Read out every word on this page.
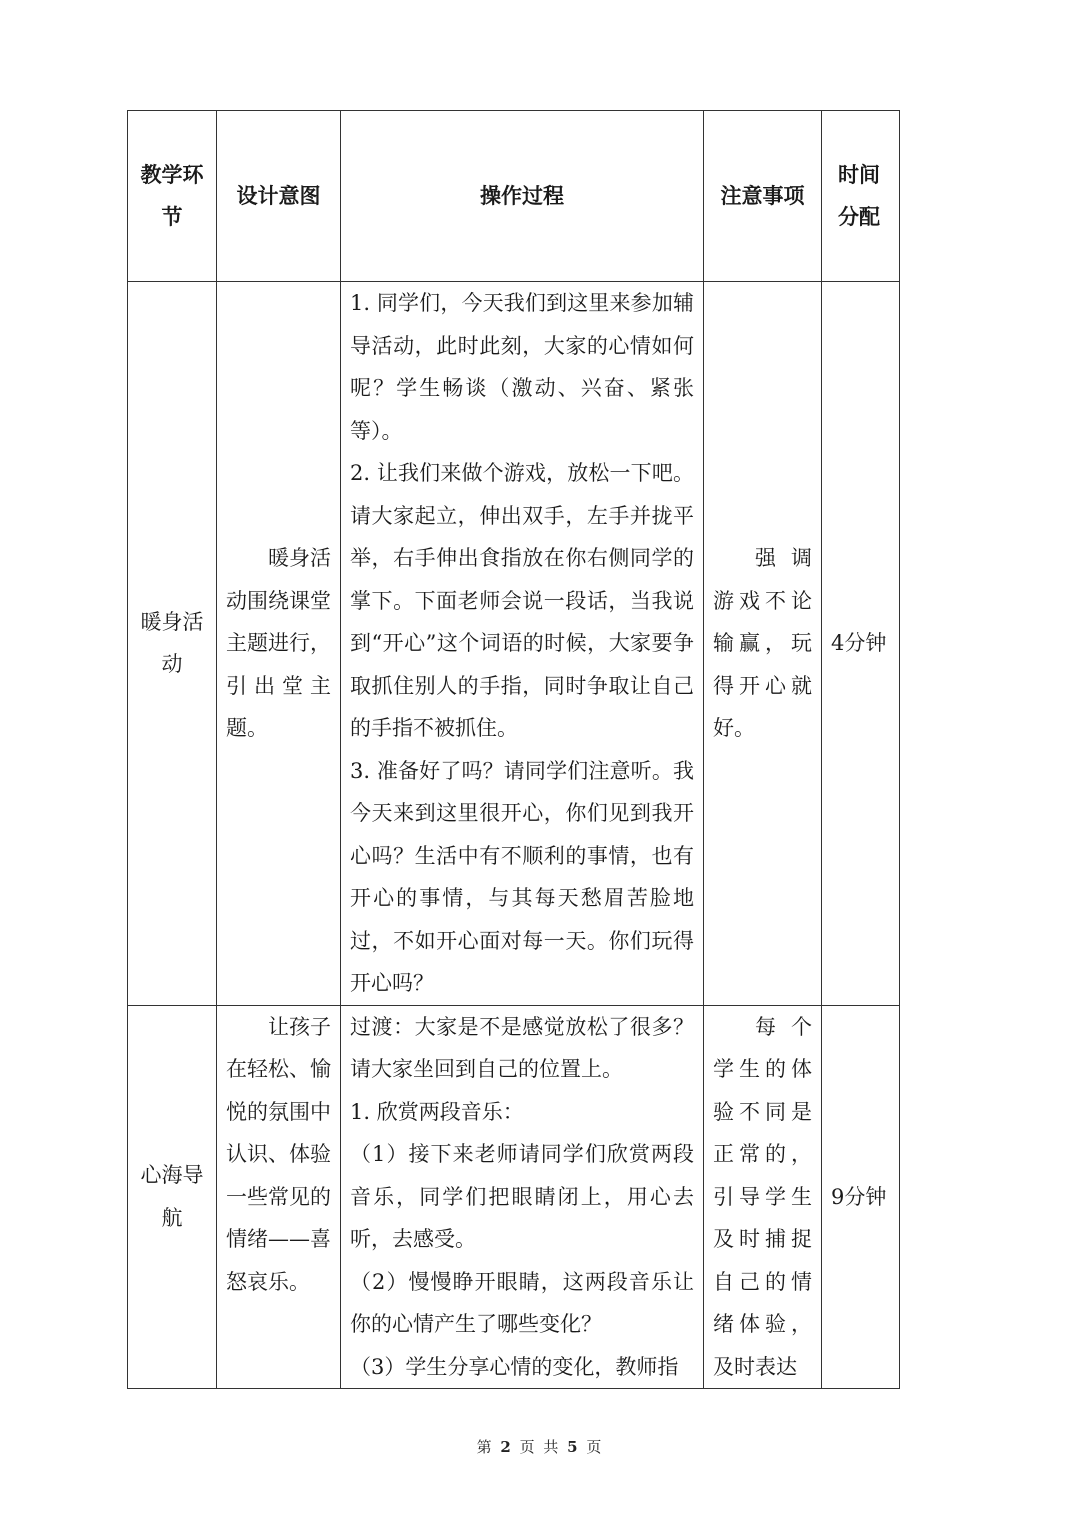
教学环节	设计意图	操作过程	注意事项	时间分配
暖身活动	暖身活动围绕课堂主题进行，引出堂主题。	1. 同学们，今天我们到这里来参加辅导活动，此时此刻，大家的心情如何呢？学生畅谈（激动、兴奋、紧张等）。
2. 让我们来做个游戏，放松一下吧。请大家起立，伸出双手，左手并拢平举，右手伸出食指放在你右侧同学的掌下。下面老师会说一段话，当我说到“开心”这个词语的时候，大家要争取抓住别人的手指，同时争取让自己的手指不被抓住。
3. 准备好了吗？请同学们注意听。我今天来到这里很开心，你们见到我开心吗？生活中有不顺利的事情，也有开心的事情，与其每天愁眉苦脸地过，不如开心面对每一天。你们玩得开心吗？	强调游戏不论输赢，玩得开心就好。	4分钟
心海导航	让孩子在轻松、愉悦的氛围中认识、体验一些常见的情绪——喜怒哀乐。	过渡：大家是不是感觉放松了很多？请大家坐回到自己的位置上。
1. 欣赏两段音乐：
（1）接下来老师请同学们欣赏两段音乐，同学们把眼睛闭上，用心去听，去感受。
（2）慢慢睁开眼睛，这两段音乐让你的心情产生了哪些变化？
（3）学生分享心情的变化，教师指	每个学生的体验不同是正常的，引导学生及时捕捉自己的情绪体验，及时表达	9分钟
第 2 页 共 5 页
